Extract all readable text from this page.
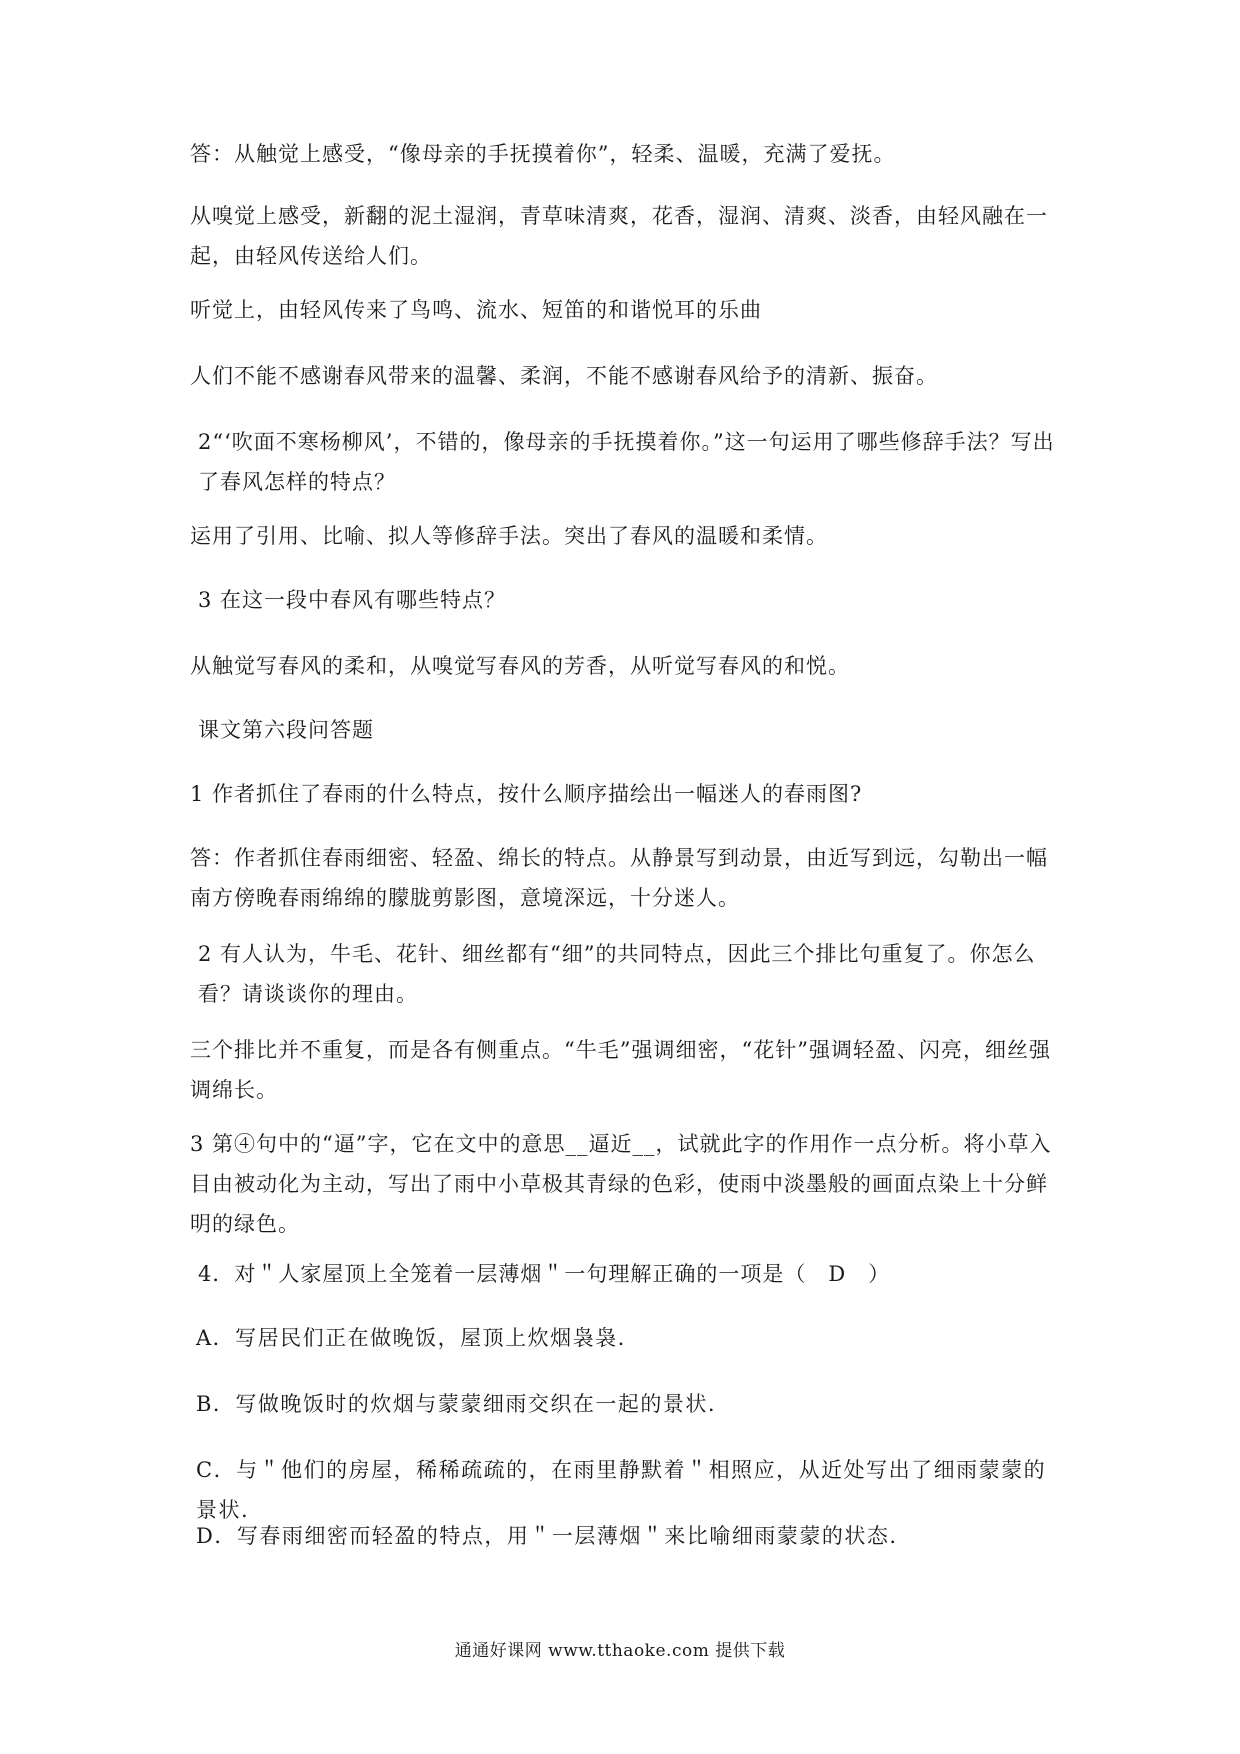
答：从触觉上感受，“像母亲的手抚摸着你”，轻柔、温暖，充满了爱抚。

从嗅觉上感受，新翻的泥土湿润，青草味清爽，花香，湿润、清爽、淡香，由轻风融在一起，由轻风传送给人们。

听觉上，由轻风传来了鸟鸣、流水、短笛的和谐悦耳的乐曲

人们不能不感谢春风带来的温馨、柔润，不能不感谢春风给予的清新、振奋。

2“‘吹面不寒杨柳风’，不错的，像母亲的手抚摸着你。”这一句运用了哪些修辞手法？写出了春风怎样的特点？

运用了引用、比喻、拟人等修辞手法。突出了春风的温暖和柔情。

3 在这一段中春风有哪些特点？

从触觉写春风的柔和，从嗅觉写春风的芳香，从听觉写春风的和悦。

课文第六段问答题

1 作者抓住了春雨的什么特点，按什么顺序描绘出一幅迷人的春雨图?

答：作者抓住春雨细密、轻盈、绵长的特点。从静景写到动景，由近写到远，勾勒出一幅南方傍晚春雨绵绵的朦胧剪影图，意境深远，十分迷人。

2 有人认为，牛毛、花针、细丝都有“细”的共同特点，因此三个排比句重复了。你怎么看？请谈谈你的理由。

三个排比并不重复，而是各有侧重点。“牛毛”强调细密，“花针”强调轻盈、闪亮，细丝强调绵长。

3 第④句中的“逼”字，它在文中的意思__逼近__，试就此字的作用作一点分析。将小草入目由被动化为主动，写出了雨中小草极其青绿的色彩，使雨中淡墨般的画面点染上十分鲜明的绿色。

4．对＂人家屋顶上全笼着一层薄烟＂一句理解正确的一项是（　D　）

A．写居民们正在做晚饭，屋顶上炊烟袅袅.

B．写做晚饭时的炊烟与蒙蒙细雨交织在一起的景状.

C．与＂他们的房屋，稀稀疏疏的，在雨里静默着＂相照应，从近处写出了细雨蒙蒙的景状.

D．写春雨细密而轻盈的特点，用＂一层薄烟＂来比喻细雨蒙蒙的状态.

通通好课网 www.tthaoke.com 提供下载
